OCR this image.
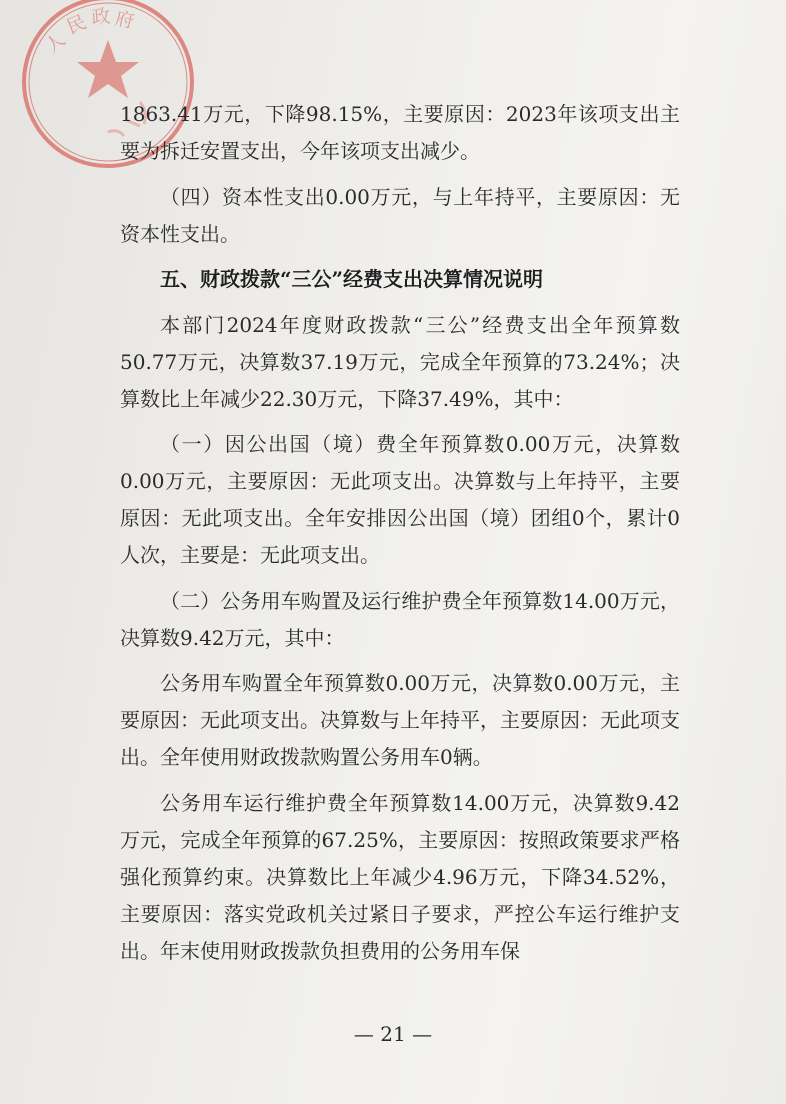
人
民 政 府

1863.41万元，下降98.15%，主要原因：2023年该项支出主要为拆迁安置支出，今年该项支出减少。

（四）资本性支出0.00万元，与上年持平，主要原因：无资本性支出。

五、财政拨款“三公”经费支出决算情况说明

本部门2024年度财政拨款“三公”经费支出全年预算数50.77万元，决算数37.19万元，完成全年预算的73.24%；决算数比上年减少22.30万元，下降37.49%，其中：

（一）因公出国（境）费全年预算数0.00万元，决算数0.00万元，主要原因：无此项支出。决算数与上年持平，主要原因：无此项支出。全年安排因公出国（境）团组0个，累计0人次，主要是：无此项支出。

（二）公务用车购置及运行维护费全年预算数14.00万元，决算数9.42万元，其中：

公务用车购置全年预算数0.00万元，决算数0.00万元，主要原因：无此项支出。决算数与上年持平，主要原因：无此项支出。全年使用财政拨款购置公务用车0辆。

公务用车运行维护费全年预算数14.00万元，决算数9.42万元，完成全年预算的67.25%，主要原因：按照政策要求严格强化预算约束。决算数比上年减少4.96万元，下降34.52%，主要原因：落实党政机关过紧日子要求，严控公车运行维护支出。年末使用财政拨款负担费用的公务用车保

— 21 —
